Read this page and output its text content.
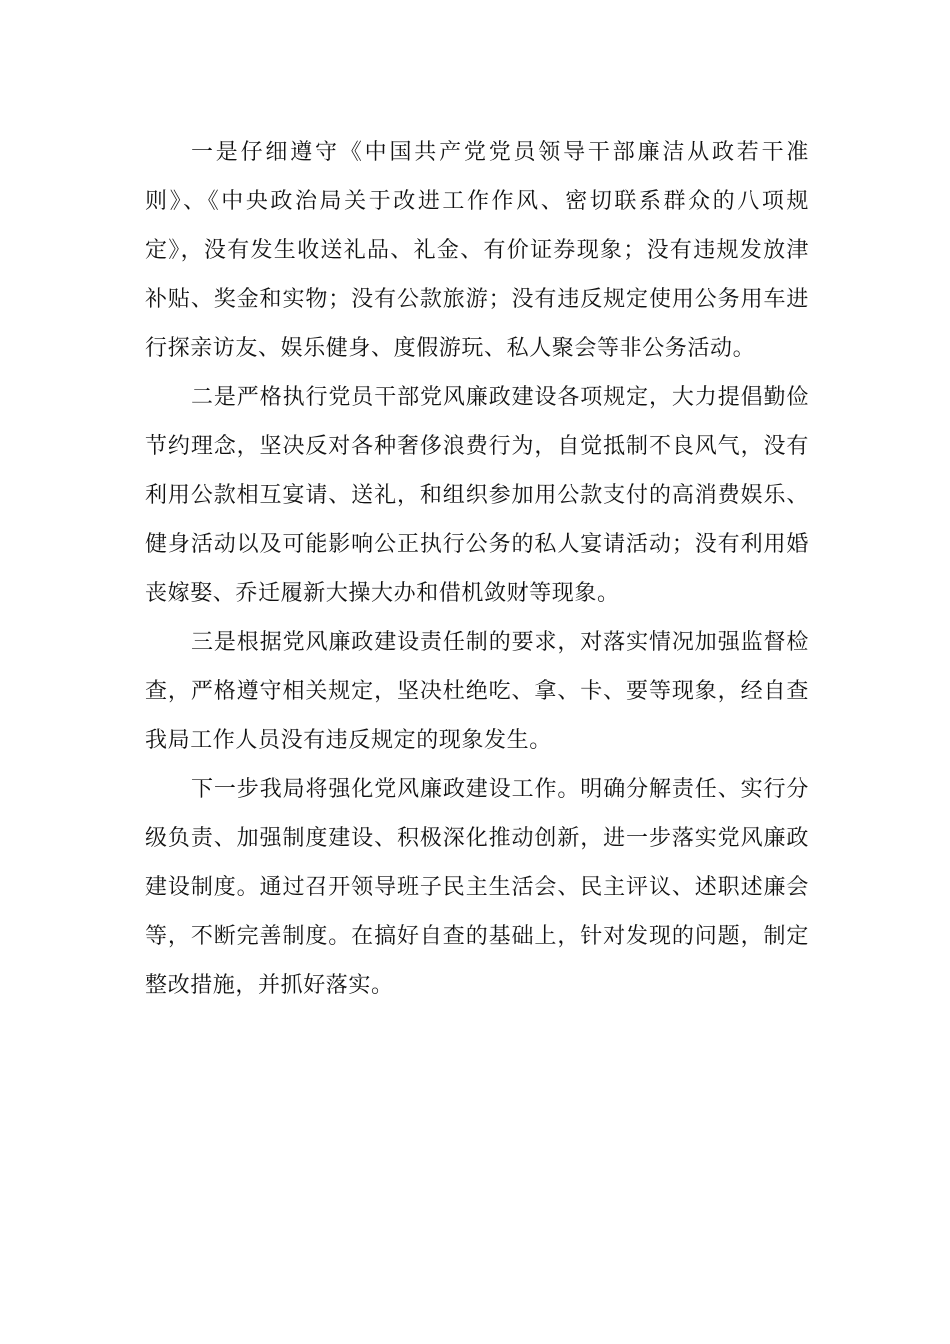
一是仔细遵守《中国共产党党员领导干部廉洁从政若干准则》、《中央政治局关于改进工作作风、密切联系群众的八项规定》，没有发生收送礼品、礼金、有价证券现象；没有违规发放津补贴、奖金和实物；没有公款旅游；没有违反规定使用公务用车进行探亲访友、娱乐健身、度假游玩、私人聚会等非公务活动。

二是严格执行党员干部党风廉政建设各项规定，大力提倡勤俭节约理念，坚决反对各种奢侈浪费行为，自觉抵制不良风气，没有利用公款相互宴请、送礼，和组织参加用公款支付的高消费娱乐、健身活动以及可能影响公正执行公务的私人宴请活动；没有利用婚丧嫁娶、乔迁履新大操大办和借机敛财等现象。

三是根据党风廉政建设责任制的要求，对落实情况加强监督检查，严格遵守相关规定，坚决杜绝吃、拿、卡、要等现象，经自查我局工作人员没有违反规定的现象发生。

下一步我局将强化党风廉政建设工作。明确分解责任、实行分级负责、加强制度建设、积极深化推动创新，进一步落实党风廉政建设制度。通过召开领导班子民主生活会、民主评议、述职述廉会等，不断完善制度。在搞好自查的基础上，针对发现的问题，制定整改措施，并抓好落实。
